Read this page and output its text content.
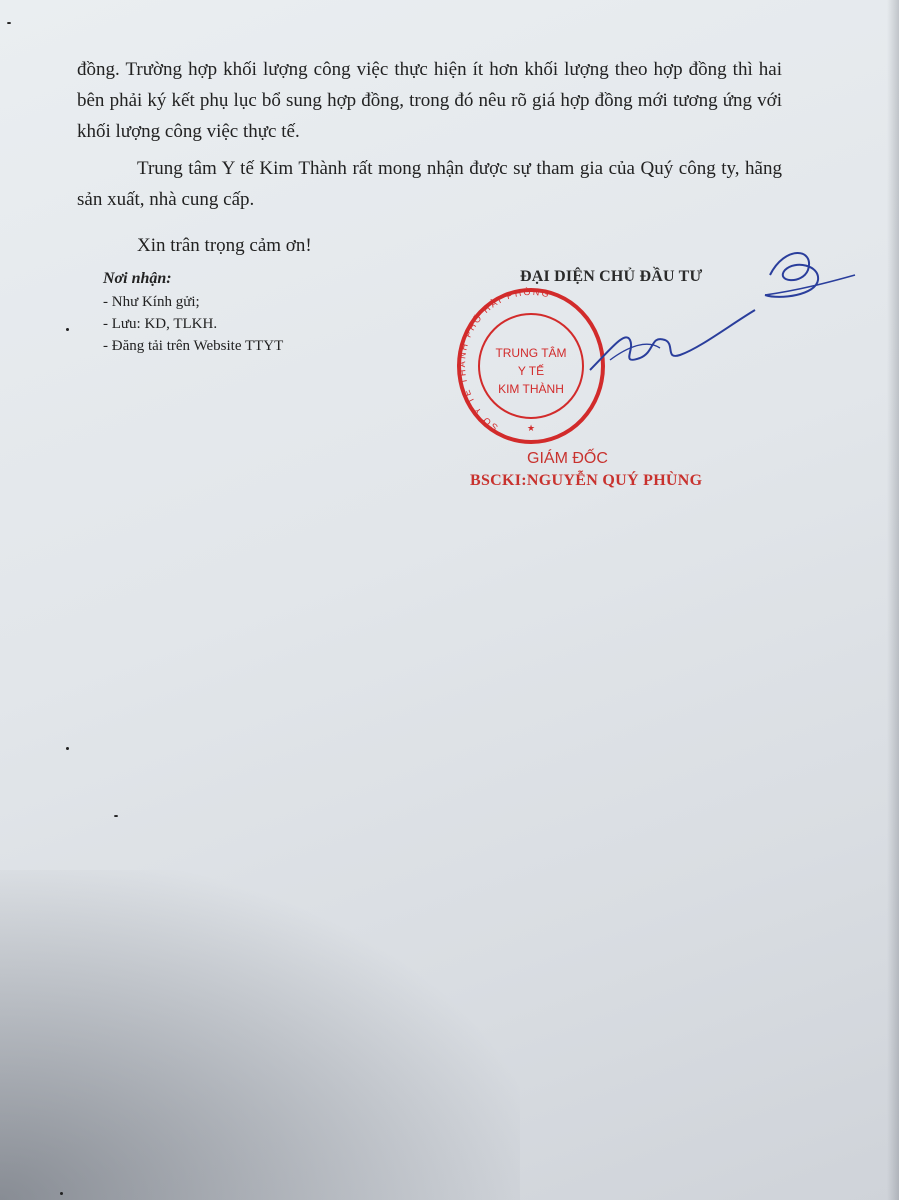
đồng. Trường hợp khối lượng công việc thực hiện ít hơn khối lượng theo hợp đồng thì hai bên phải ký kết phụ lục bổ sung hợp đồng, trong đó nêu rõ giá hợp đồng mới tương ứng với khối lượng công việc thực tế.

Trung tâm Y tế Kim Thành rất mong nhận được sự tham gia của Quý công ty, hãng sản xuất, nhà cung cấp.

Xin trân trọng cảm ơn!

Nơi nhận:

- Như Kính gửi;
- Lưu: KD, TLKH.
- Đăng tải trên Website TTYT

ĐẠI DIỆN CHỦ ĐẦU TƯ

SỞ Y TẾ THÀNH PHỐ HẢI PHÒNG
TRUNG TÂM
Y TẾ
KIM THÀNH
★

GIÁM ĐỐC

BSCKI:NGUYỄN QUÝ PHÙNG
